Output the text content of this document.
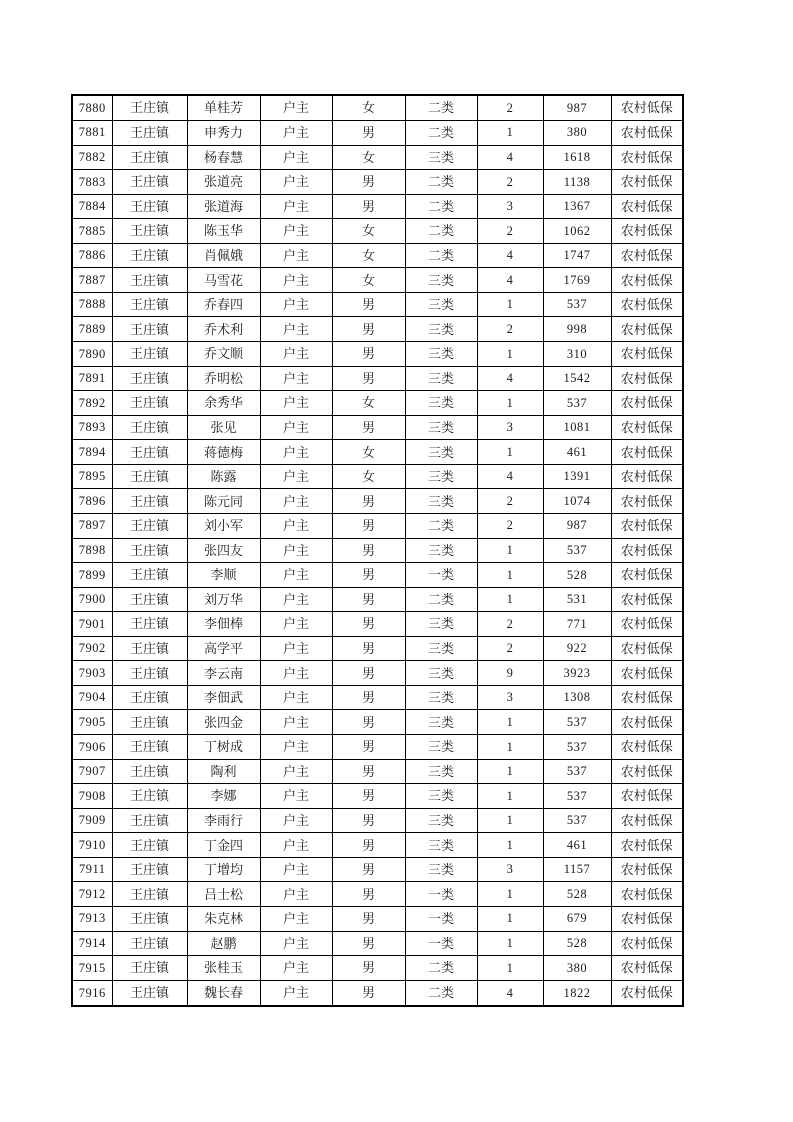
7880	王庄镇	单桂芳	户主	女	二类	2	987	农村低保
7881	王庄镇	申秀力	户主	男	二类	1	380	农村低保
7882	王庄镇	杨春慧	户主	女	三类	4	1618	农村低保
7883	王庄镇	张道亮	户主	男	二类	2	1138	农村低保
7884	王庄镇	张道海	户主	男	二类	3	1367	农村低保
7885	王庄镇	陈玉华	户主	女	二类	2	1062	农村低保
7886	王庄镇	肖佩娥	户主	女	二类	4	1747	农村低保
7887	王庄镇	马雪花	户主	女	三类	4	1769	农村低保
7888	王庄镇	乔春四	户主	男	三类	1	537	农村低保
7889	王庄镇	乔术利	户主	男	三类	2	998	农村低保
7890	王庄镇	乔文顺	户主	男	三类	1	310	农村低保
7891	王庄镇	乔明松	户主	男	三类	4	1542	农村低保
7892	王庄镇	余秀华	户主	女	三类	1	537	农村低保
7893	王庄镇	张见	户主	男	三类	3	1081	农村低保
7894	王庄镇	蒋德梅	户主	女	三类	1	461	农村低保
7895	王庄镇	陈露	户主	女	三类	4	1391	农村低保
7896	王庄镇	陈元同	户主	男	三类	2	1074	农村低保
7897	王庄镇	刘小军	户主	男	二类	2	987	农村低保
7898	王庄镇	张四友	户主	男	三类	1	537	农村低保
7899	王庄镇	李顺	户主	男	一类	1	528	农村低保
7900	王庄镇	刘万华	户主	男	二类	1	531	农村低保
7901	王庄镇	李佃棒	户主	男	三类	2	771	农村低保
7902	王庄镇	高学平	户主	男	三类	2	922	农村低保
7903	王庄镇	李云南	户主	男	三类	9	3923	农村低保
7904	王庄镇	李佃武	户主	男	三类	3	1308	农村低保
7905	王庄镇	张四金	户主	男	三类	1	537	农村低保
7906	王庄镇	丁树成	户主	男	三类	1	537	农村低保
7907	王庄镇	陶利	户主	男	三类	1	537	农村低保
7908	王庄镇	李娜	户主	男	三类	1	537	农村低保
7909	王庄镇	李雨行	户主	男	三类	1	537	农村低保
7910	王庄镇	丁金四	户主	男	三类	1	461	农村低保
7911	王庄镇	丁增均	户主	男	三类	3	1157	农村低保
7912	王庄镇	吕士松	户主	男	一类	1	528	农村低保
7913	王庄镇	朱克林	户主	男	一类	1	679	农村低保
7914	王庄镇	赵鹏	户主	男	一类	1	528	农村低保
7915	王庄镇	张桂玉	户主	男	二类	1	380	农村低保
7916	王庄镇	魏长春	户主	男	二类	4	1822	农村低保
